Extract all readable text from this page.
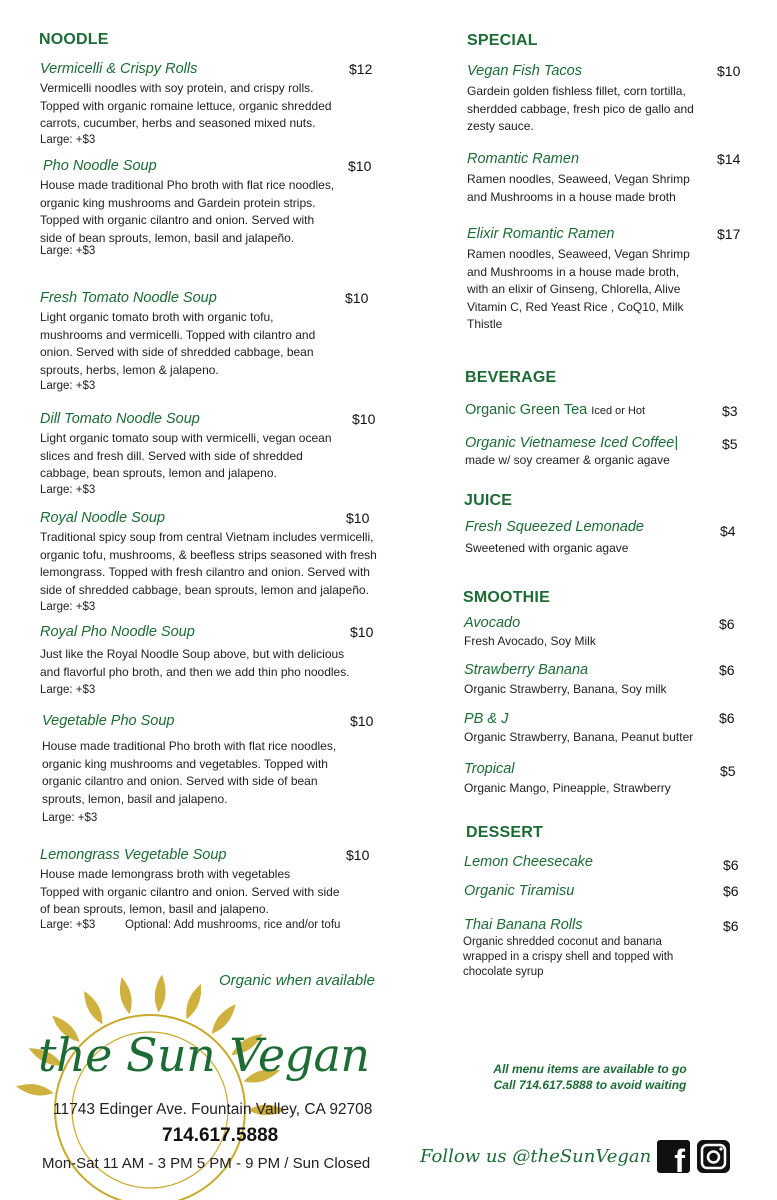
NOODLE
Vermicelli & Crispy Rolls	$12
Vermicelli noodles with soy protein, and crispy rolls.
Topped with organic romaine lettuce, organic shredded
carrots, cucumber, herbs and seasoned mixed nuts.
Large: +$3
Pho Noodle Soup	$10
House made traditional Pho broth with flat rice noodles,
organic king mushrooms and Gardein protein strips.
Topped with organic cilantro and onion. Served with
side of bean sprouts, lemon, basil and jalapeño.
Large: +$3
Fresh Tomato Noodle Soup	$10
Light organic tomato broth with organic tofu,
mushrooms and vermicelli. Topped with cilantro and
onion. Served with side of shredded cabbage, bean
sprouts, herbs, lemon & jalapeno.
Large: +$3
Dill Tomato Noodle Soup	$10
Light organic tomato soup with vermicelli, vegan ocean
slices and fresh dill. Served with side of shredded
cabbage, bean sprouts, lemon and jalapeno.
Large: +$3
Royal Noodle Soup	$10
Traditional spicy soup from central Vietnam includes vermicelli,
organic tofu, mushrooms, & beefless strips seasoned with fresh
lemongrass. Topped with fresh cilantro and onion. Served with
side of shredded cabbage, bean sprouts, lemon and jalapeño.
Large: +$3
Royal Pho Noodle Soup	$10
Just like the Royal Noodle Soup above, but with delicious
and flavorful pho broth, and then we add thin pho noodles.
Large: +$3
Vegetable Pho Soup	$10
House made traditional Pho broth with flat rice noodles,
organic king mushrooms and vegetables. Topped with
organic cilantro and onion. Served with side of bean
sprouts, lemon, basil and jalapeno.
Large: +$3
Lemongrass Vegetable Soup	$10
House made lemongrass broth with vegetables
Topped with organic cilantro and onion. Served with side
of bean sprouts, lemon, basil and jalapeno.
Large: +$3	Optional: Add mushrooms, rice and/or tofu
SPECIAL
Vegan Fish Tacos	$10
Gardein golden fishless fillet, corn tortilla,
sherdded cabbage, fresh pico de gallo and
zesty sauce.
Romantic Ramen	$14
Ramen noodles, Seaweed, Vegan Shrimp
and Mushrooms in a house made broth
Elixir Romantic Ramen	$17
Ramen noodles, Seaweed, Vegan Shrimp
and Mushrooms in a house made broth,
with an elixir of Ginseng, Chlorella, Alive
Vitamin C, Red Yeast Rice , CoQ10, Milk
Thistle
BEVERAGE
Organic Green Tea Iced or Hot	$3
Organic Vietnamese Iced Coffee|	$5
made w/ soy creamer & organic agave
JUICE
Fresh Squeezed Lemonade	$4
Sweetened with organic agave
SMOOTHIE
Avocado	$6
Fresh Avocado, Soy Milk
Strawberry Banana	$6
Organic Strawberry, Banana, Soy milk
PB & J	$6
Organic Strawberry, Banana, Peanut butter
Tropical	$5
Organic Mango, Pineapple, Strawberry
DESSERT
Lemon Cheesecake	$6
Organic Tiramisu	$6
Thai Banana Rolls	$6
Organic shredded coconut and banana
wrapped in a crispy shell and topped with
chocolate syrup
Organic when available
the Sun Vegan
11743 Edinger Ave. Fountain Valley, CA 92708
714.617.5888
Mon-Sat 11 AM - 3 PM 5 PM - 9 PM / Sun Closed
All menu items are available to go
Call 714.617.5888 to avoid waiting
Follow us @theSunVegan f
